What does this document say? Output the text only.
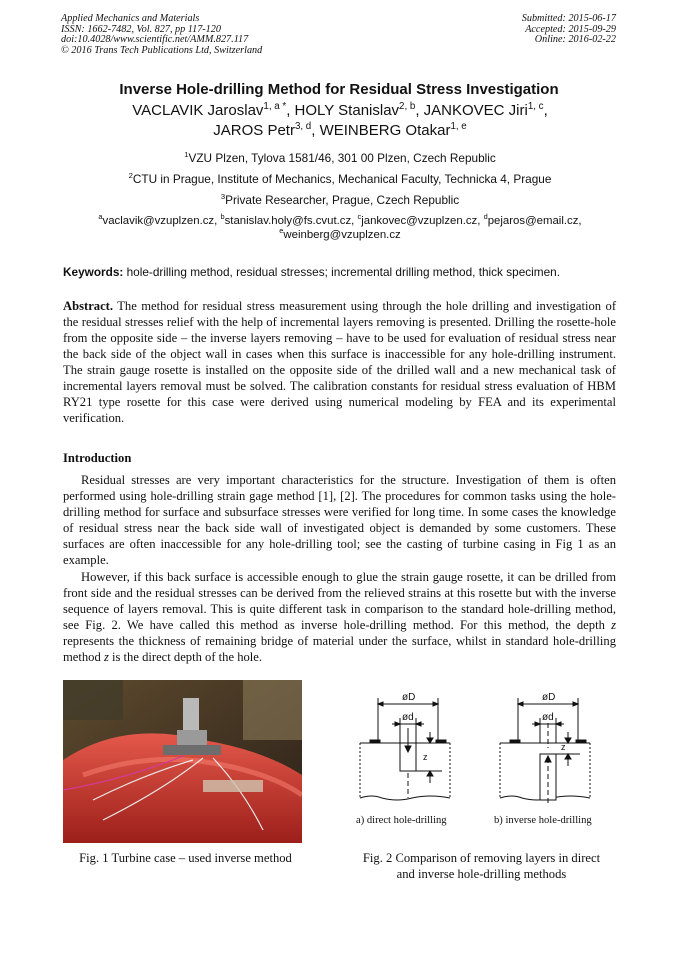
Applied Mechanics and Materials
ISSN: 1662-7482, Vol. 827, pp 117-120
doi:10.4028/www.scientific.net/AMM.827.117
© 2016 Trans Tech Publications Ltd, Switzerland
Submitted: 2015-06-17
Accepted: 2015-09-29
Online: 2016-02-22
Inverse Hole-drilling Method for Residual Stress Investigation
VACLAVIK Jaroslav$^{1, a *}$, HOLY Stanislav$^{2, b}$, JANKOVEC Jiri$^{1, c}$,
JAROS Petr$^{3, d}$, WEINBERG Otakar$^{1, e}$
$^1$VZU Plzen, Tylova 1581/46, 301 00 Plzen, Czech Republic
$^2$CTU in Prague, Institute of Mechanics, Mechanical Faculty, Technicka 4, Prague
$^3$Private Researcher, Prague, Czech Republic
$^a$vaclavik@vzuplzen.cz, $^b$stanislav.holy@fs.cvut.cz, $^c$jankovec@vzuplzen.cz, $^d$pejaros@email.cz,
$^e$weinberg@vzuplzen.cz
Keywords: hole-drilling method, residual stresses; incremental drilling method, thick specimen.
Abstract. The method for residual stress measurement using through the hole drilling and investigation of the residual stresses relief with the help of incremental layers removing is presented. Drilling the rosette-hole from the opposite side – the inverse layers removing – have to be used for evaluation of residual stress near the back side of the object wall in cases when this surface is inaccessible for any hole-drilling instrument. The strain gauge rosette is installed on the opposite side of the drilled wall and a new mechanical task of incremental layers removal must be solved. The calibration constants for residual stress evaluation of HBM RY21 type rosette for this case were derived using numerical modeling by FEA and its experimental verification.
Introduction
Residual stresses are very important characteristics for the structure. Investigation of them is often performed using hole-drilling strain gage method [1], [2]. The procedures for common tasks using the hole-drilling method for surface and subsurface stresses were verified for long time. In some cases the knowledge of residual stress near the back side wall of investigated object is demanded by some customers. These surfaces are often inaccessible for any hole-drilling tool; see the casting of turbine casing in Fig 1 as an example.
However, if this back surface is accessible enough to glue the strain gauge rosette, it can be drilled from front side and the residual stresses can be derived from the relieved strains at this rosette but with the inverse sequence of layers removal. This is quite different task in comparison to the standard hole-drilling method, see Fig. 2. We have called this method as inverse hole-drilling method. For this method, the depth z represents the thickness of remaining bridge of material under the surface, whilst in standard hole-drilling method z is the direct depth of the hole.
Fig. 1 Turbine case – used inverse method
øD
ød
z
øD
ød
z
a) direct hole-drilling	b) inverse hole-drilling
Fig. 2 Comparison of removing layers in direct
and inverse hole-drilling methods
